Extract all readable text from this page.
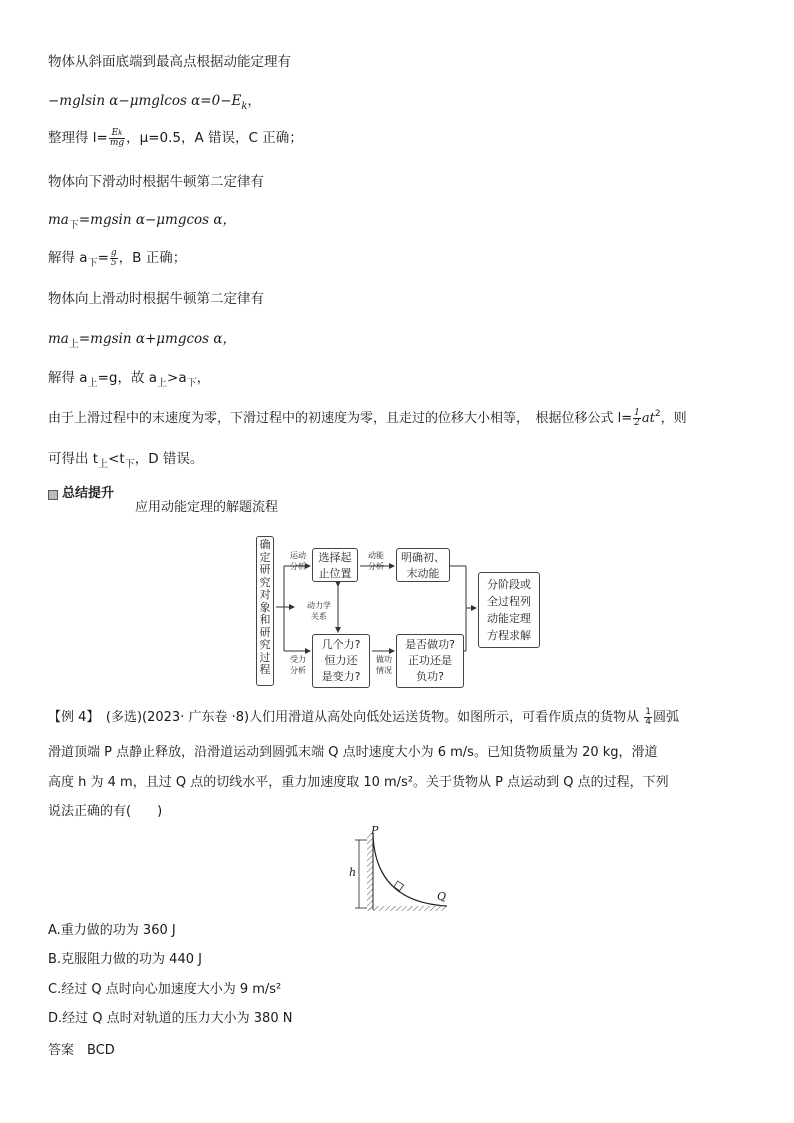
物体从斜面底端到最高点根据动能定理有
−mglsin α−μmglcos $\alpha=0-E_k$，
整理得 $l= \frac{Ek}{mg}$ ，μ=0.5，A 错误，C 正确；
物体向下滑动时根据牛顿第二定律有
$ma_下=mgsin$ α−μmgcos α，
解得 $a_下= \frac{g}{5}$ ，B 正确；
物体向上滑动时根据牛顿第二定律有
$ma_上=mgsin$ α+μmgcos α，
解得 $a_上=g$，故 $a_上>a_下$，
由于上滑过程中的末速度为零，下滑过程中的初速度为零，且走过的位移大小相等，　根据位移公式 $l= \frac{1}{2} at^2$，则
可得出 $t_上<t_下$，D 错误。
总结提升
应用动能定理的解题流程
确定研究对象和研究过程
运动
分析
选择起
止位置
动能
分析
明确初、
末动能
动力学
关系
受力
分析
几个力?
恒力还
是变力?
做功
情况
是否做功?
正功还是
负功?
分阶段或
全过程列
动能定理
方程求解
【例 4】　(多选)(2023· 广东卷 ·8)人们用滑道从高处向低处运送货物。如图所示，可看作质点的货物从 $\frac{1}{4}$ 圆弧
滑道顶端 P 点静止释放，沿滑道运动到圆弧末端 Q 点时速度大小为 6 m/s。已知货物质量为 20 kg，滑道
高度 h 为 4 m，且过 Q 点的切线水平，重力加速度取 10 m/s²。关于货物从 P 点运动到 Q 点的过程，下列
说法正确的有(　　)
P
h
Q
A.重力做的功为 360 J
B.克服阻力做的功为 440 J
C.经过 Q 点时向心加速度大小为 9 m/s²
D.经过 Q 点时对轨道的压力大小为 380 N
答案　BCD
